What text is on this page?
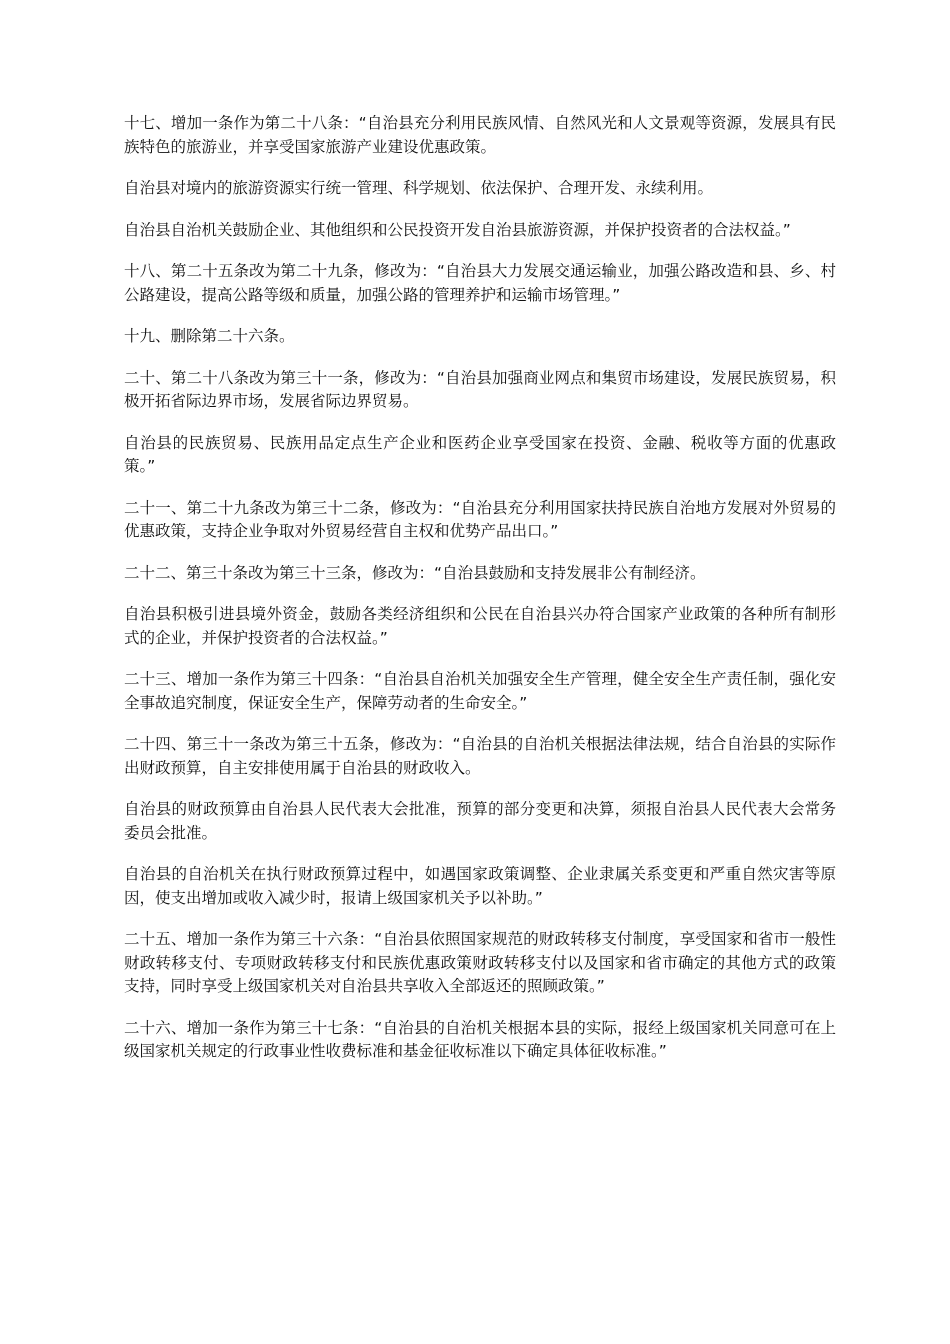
十七、增加一条作为第二十八条：“自治县充分利用民族风情、自然风光和人文景观等资源，发展具有民族特色的旅游业，并享受国家旅游产业建设优惠政策。

自治县对境内的旅游资源实行统一管理、科学规划、依法保护、合理开发、永续利用。

自治县自治机关鼓励企业、其他组织和公民投资开发自治县旅游资源，并保护投资者的合法权益。”

十八、第二十五条改为第二十九条，修改为：“自治县大力发展交通运输业，加强公路改造和县、乡、村公路建设，提高公路等级和质量，加强公路的管理养护和运输市场管理。”

十九、删除第二十六条。

二十、第二十八条改为第三十一条，修改为：“自治县加强商业网点和集贸市场建设，发展民族贸易，积极开拓省际边界市场，发展省际边界贸易。

自治县的民族贸易、民族用品定点生产企业和医药企业享受国家在投资、金融、税收等方面的优惠政策。”

二十一、第二十九条改为第三十二条，修改为：“自治县充分利用国家扶持民族自治地方发展对外贸易的优惠政策，支持企业争取对外贸易经营自主权和优势产品出口。”

二十二、第三十条改为第三十三条，修改为：“自治县鼓励和支持发展非公有制经济。

自治县积极引进县境外资金，鼓励各类经济组织和公民在自治县兴办符合国家产业政策的各种所有制形式的企业，并保护投资者的合法权益。”

二十三、增加一条作为第三十四条：“自治县自治机关加强安全生产管理，健全安全生产责任制，强化安全事故追究制度，保证安全生产，保障劳动者的生命安全。”

二十四、第三十一条改为第三十五条，修改为：“自治县的自治机关根据法律法规，结合自治县的实际作出财政预算，自主安排使用属于自治县的财政收入。

自治县的财政预算由自治县人民代表大会批准，预算的部分变更和决算，须报自治县人民代表大会常务委员会批准。

自治县的自治机关在执行财政预算过程中，如遇国家政策调整、企业隶属关系变更和严重自然灾害等原因，使支出增加或收入减少时，报请上级国家机关予以补助。”

二十五、增加一条作为第三十六条：“自治县依照国家规范的财政转移支付制度，享受国家和省市一般性财政转移支付、专项财政转移支付和民族优惠政策财政转移支付以及国家和省市确定的其他方式的政策支持，同时享受上级国家机关对自治县共享收入全部返还的照顾政策。”

二十六、增加一条作为第三十七条：“自治县的自治机关根据本县的实际，报经上级国家机关同意可在上级国家机关规定的行政事业性收费标准和基金征收标准以下确定具体征收标准。”
